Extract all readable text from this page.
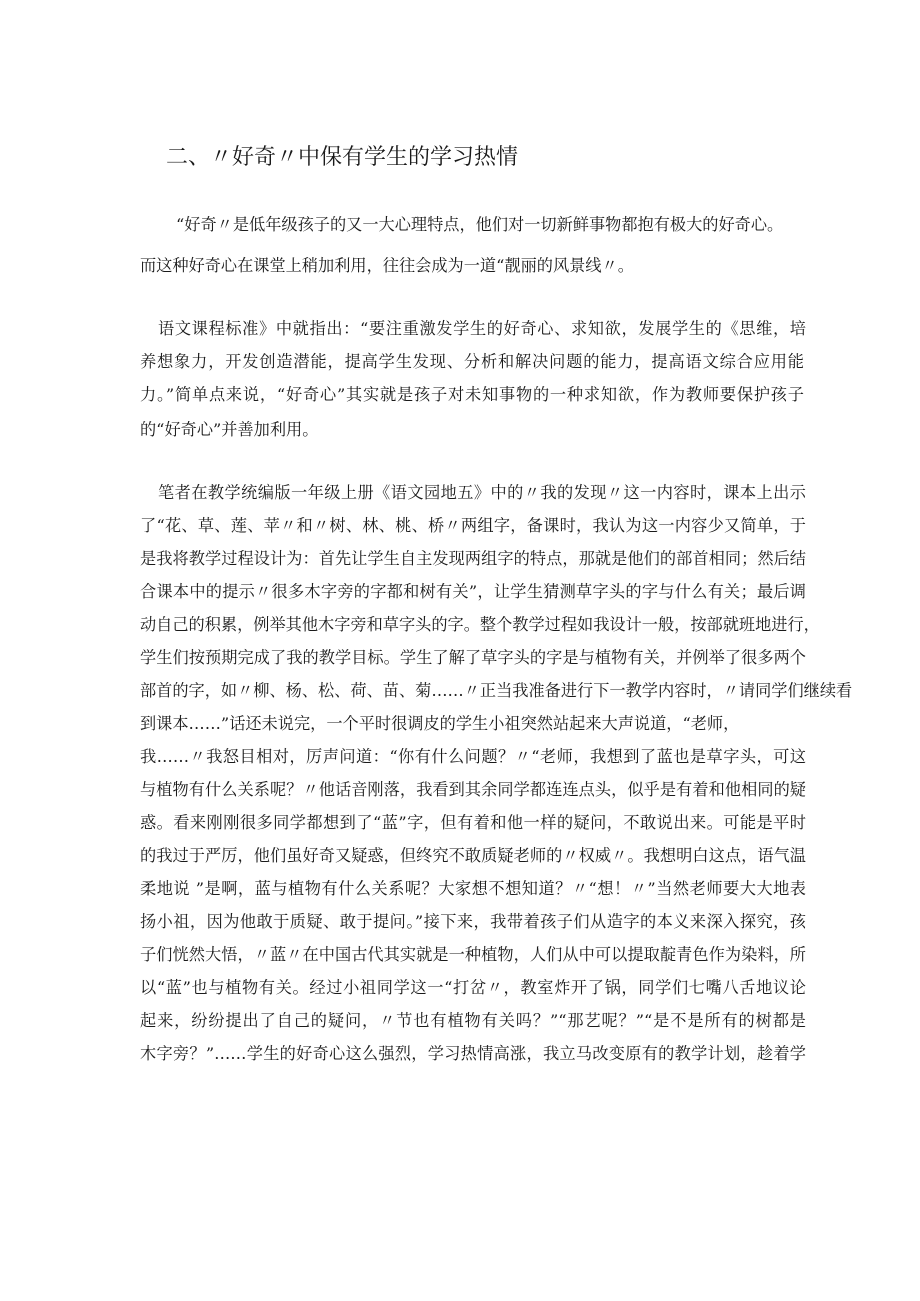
二、〃好奇〃中保有学生的学习热情

“好奇〃是低年级孩子的又一大心理特点，他们对一切新鲜事物都抱有极大的好奇心。

而这种好奇心在课堂上稍加利用，往往会成为一道“靓丽的风景线〃。

语文课程标准》中就指出：“要注重激发学生的好奇心、求知欲，发展学生的《思维，培

养想象力，开发创造潜能，提高学生发现、分析和解决问题的能力，提高语文综合应用能

力。”简单点来说，“好奇心”其实就是孩子对未知事物的一种求知欲，作为教师要保护孩子

的“好奇心”并善加利用。

笔者在教学统编版一年级上册《语文园地五》中的〃我的发现〃这一内容时，课本上出示

了“花、草、莲、苹〃和〃树、林、桃、桥〃两组字，备课时，我认为这一内容少又简单，于

是我将教学过程设计为：首先让学生自主发现两组字的特点，那就是他们的部首相同；然后结

合课本中的提示〃很多木字旁的字都和树有关”，让学生猜测草字头的字与什么有关；最后调

动自己的积累，例举其他木字旁和草字头的字。整个教学过程如我设计一般，按部就班地进行，

学生们按预期完成了我的教学目标。学生了解了草字头的字是与植物有关，并例举了很多两个

部首的字，如〃柳、杨、松、荷、苗、菊……〃正当我准备进行下一教学内容时，〃请同学们继续看

到课本……”话还未说完，一个平时很调皮的学生小祖突然站起来大声说道，“老师，

我……〃我怒目相对，厉声问道：“你有什么问题？〃“老师，我想到了蓝也是草字头，可这

与植物有什么关系呢？〃他话音刚落，我看到其余同学都连连点头，似乎是有着和他相同的疑

惑。看来刚刚很多同学都想到了“蓝”字，但有着和他一样的疑问，不敢说出来。可能是平时

的我过于严厉，他们虽好奇又疑惑，但终究不敢质疑老师的〃权威〃。我想明白这点，语气温

柔地说 ”是啊，蓝与植物有什么关系呢？大家想不想知道？〃“想！〃”当然老师要大大地表

扬小祖，因为他敢于质疑、敢于提问。”接下来，我带着孩子们从造字的本义来深入探究，孩

子们恍然大悟，〃蓝〃在中国古代其实就是一种植物，人们从中可以提取靛青色作为染料，所

以“蓝”也与植物有关。经过小祖同学这一“打岔〃，教室炸开了锅，同学们七嘴八舌地议论

起来，纷纷提出了自己的疑问，〃节也有植物有关吗？”“那艺呢？”“是不是所有的树都是

木字旁？”……学生的好奇心这么强烈，学习热情高涨，我立马改变原有的教学计划，趁着学
